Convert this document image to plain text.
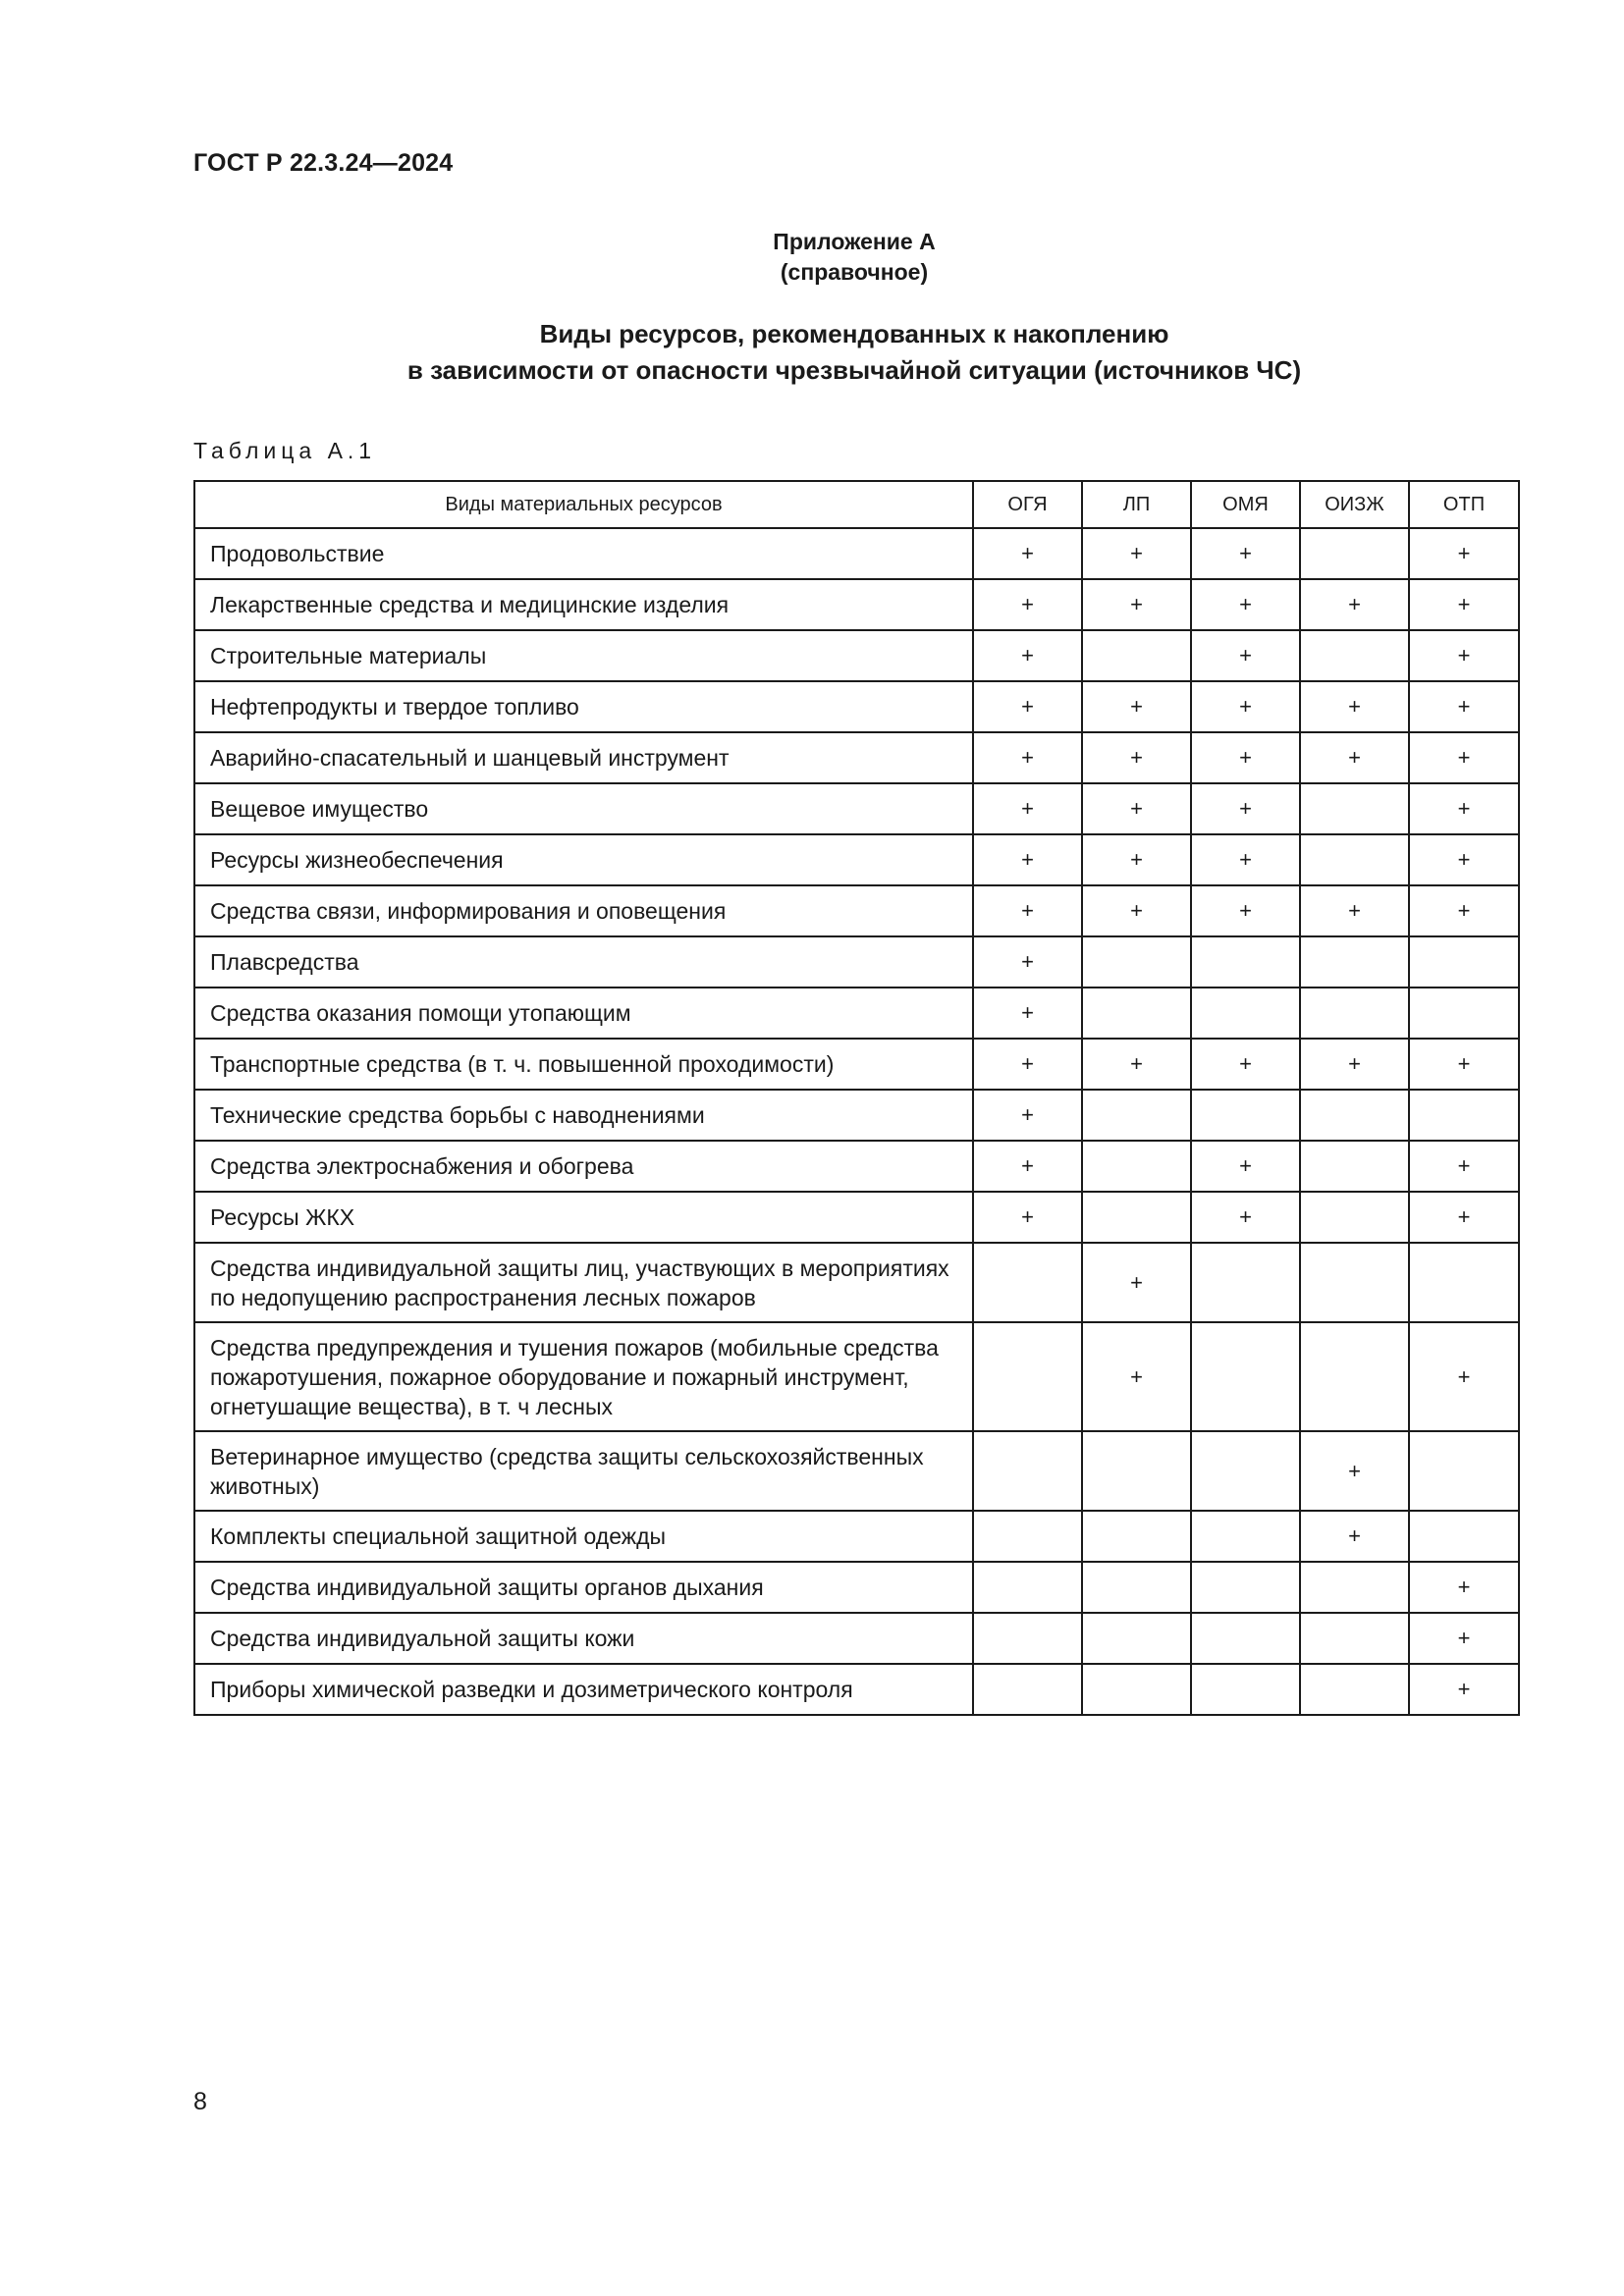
ГОСТ Р 22.3.24—2024
Приложение А
(справочное)
Виды ресурсов, рекомендованных к накоплению
в зависимости от опасности чрезвычайной ситуации (источников ЧС)
Таблица А.1
Виды материальных ресурсов	ОГЯ	ЛП	ОМЯ	ОИЗЖ	ОТП
Продовольствие	+	+	+		+
Лекарственные средства и медицинские изделия	+	+	+	+	+
Строительные материалы	+		+		+
Нефтепродукты и твердое топливо	+	+	+	+	+
Аварийно-спасательный и шанцевый инструмент	+	+	+	+	+
Вещевое имущество	+	+	+		+
Ресурсы жизнеобеспечения	+	+	+		+
Средства связи, информирования и оповещения	+	+	+	+	+
Плавсредства	+				
Средства оказания помощи утопающим	+				
Транспортные средства (в т. ч. повышенной проходимости)	+	+	+	+	+
Технические средства борьбы с наводнениями	+				
Средства электроснабжения и обогрева	+		+		+
Ресурсы ЖКХ	+		+		+
Средства индивидуальной защиты лиц, участвующих в мероприятиях по недопущению распространения лесных пожаров		+			
Средства предупреждения и тушения пожаров (мобильные средства пожаротушения, пожарное оборудование и пожарный инструмент, огнетушащие вещества), в т. ч лесных		+			+
Ветеринарное имущество (средства защиты сельскохозяйственных животных)				+	
Комплекты специальной защитной одежды				+	
Средства индивидуальной защиты органов дыхания					+
Средства индивидуальной защиты кожи					+
Приборы химической разведки и дозиметрического контроля					+
8
